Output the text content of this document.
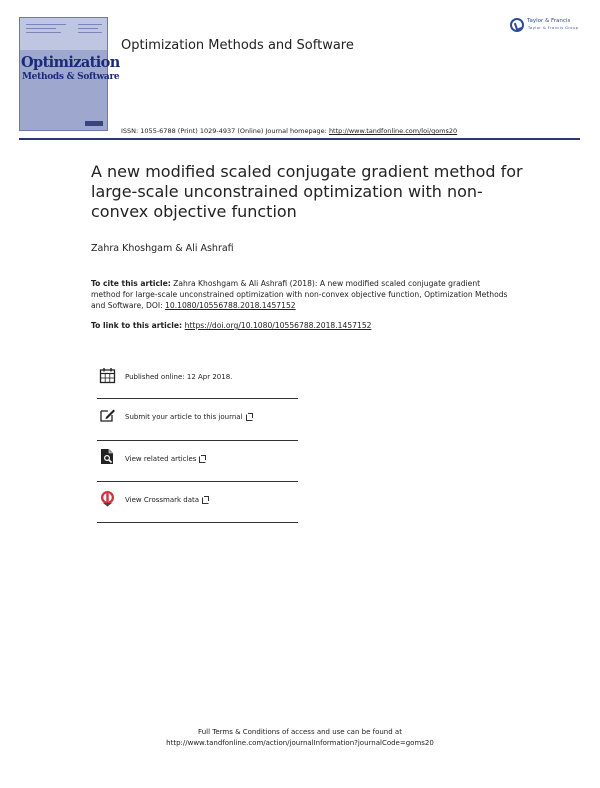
Optimization
Methods & Software
Optimization Methods and Software
Taylor & Francis
Taylor & Francis Group
ISSN: 1055-6788 (Print) 1029-4937 (Online) Journal homepage: http://www.tandfonline.com/loi/goms20
A new modified scaled conjugate gradient method for large-scale unconstrained optimization with non-convex objective function
Zahra Khoshgam & Ali Ashrafi
To cite this article: Zahra Khoshgam & Ali Ashrafi (2018): A new modified scaled conjugate gradient method for large-scale unconstrained optimization with non-convex objective function, Optimization Methods and Software, DOI: 10.1080/10556788.2018.1457152
To link to this article: https://doi.org/10.1080/10556788.2018.1457152
Published online: 12 Apr 2018.
Submit your article to this journal
View related articles
View Crossmark data
Full Terms & Conditions of access and use can be found at
http://www.tandfonline.com/action/journalInformation?journalCode=goms20
